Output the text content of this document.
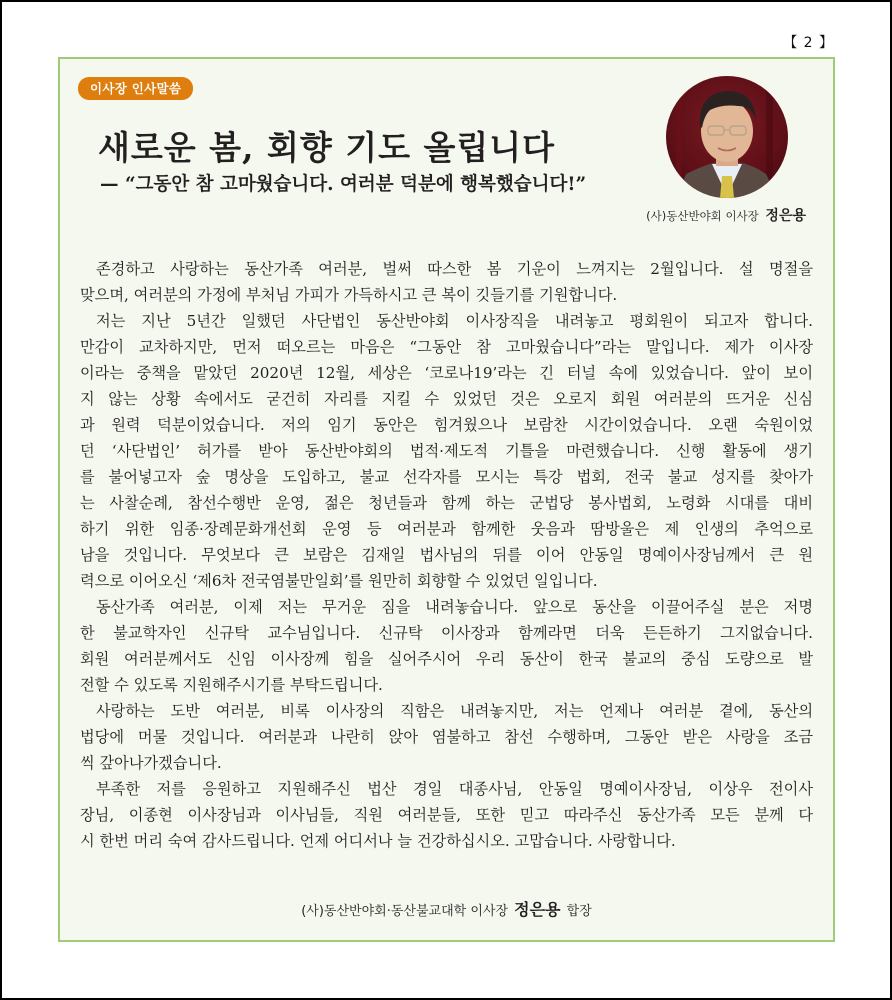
【 2 】
이사장 인사말씀
새로운 봄, 회향 기도 올립니다
— “그동안 참 고마웠습니다. 여러분 덕분에 행복했습니다!”
(사)동산반야회 이사장 정은용
존경하고 사랑하는 동산가족 여러분, 벌써 따스한 봄 기운이 느껴지는 2월입니다. 설 명절을
맞으며, 여러분의 가정에 부처님 가피가 가득하시고 큰 복이 깃들기를 기원합니다.
저는 지난 5년간 일했던 사단법인 동산반야회 이사장직을 내려놓고 평회원이 되고자 합니다.
만감이 교차하지만, 먼저 떠오르는 마음은 “그동안 참 고마웠습니다”라는 말입니다. 제가 이사장
이라는 중책을 맡았던 2020년 12월, 세상은 ‘코로나19’라는 긴 터널 속에 있었습니다. 앞이 보이
지 않는 상황 속에서도 굳건히 자리를 지킬 수 있었던 것은 오로지 회원 여러분의 뜨거운 신심
과 원력 덕분이었습니다. 저의 임기 동안은 힘겨웠으나 보람찬 시간이었습니다. 오랜 숙원이었
던 ‘사단법인’ 허가를 받아 동산반야회의 법적·제도적 기틀을 마련했습니다. 신행 활동에 생기
를 불어넣고자 숲 명상을 도입하고, 불교 선각자를 모시는 특강 법회, 전국 불교 성지를 찾아가
는 사찰순례, 참선수행반 운영, 젊은 청년들과 함께 하는 군법당 봉사법회, 노령화 시대를 대비
하기 위한 임종·장례문화개선회 운영 등 여러분과 함께한 웃음과 땀방울은 제 인생의 추억으로
남을 것입니다. 무엇보다 큰 보람은 김재일 법사님의 뒤를 이어 안동일 명예이사장님께서 큰 원
력으로 이어오신 ‘제6차 전국염불만일회’를 원만히 회향할 수 있었던 일입니다.
동산가족 여러분, 이제 저는 무거운 짐을 내려놓습니다. 앞으로 동산을 이끌어주실 분은 저명
한 불교학자인 신규탁 교수님입니다. 신규탁 이사장과 함께라면 더욱 든든하기 그지없습니다.
회원 여러분께서도 신임 이사장께 힘을 실어주시어 우리 동산이 한국 불교의 중심 도량으로 발
전할 수 있도록 지원해주시기를 부탁드립니다.
사랑하는 도반 여러분, 비록 이사장의 직함은 내려놓지만, 저는 언제나 여러분 곁에, 동산의
법당에 머물 것입니다. 여러분과 나란히 앉아 염불하고 참선 수행하며, 그동안 받은 사랑을 조금
씩 갚아나가겠습니다.
부족한 저를 응원하고 지원해주신 법산 경일 대종사님, 안동일 명예이사장님, 이상우 전이사
장님, 이종현 이사장님과 이사님들, 직원 여러분들, 또한 믿고 따라주신 동산가족 모든 분께 다
시 한번 머리 숙여 감사드립니다. 언제 어디서나 늘 건강하십시오. 고맙습니다. 사랑합니다.
(사)동산반야회·동산불교대학 이사장 정은용 합장
